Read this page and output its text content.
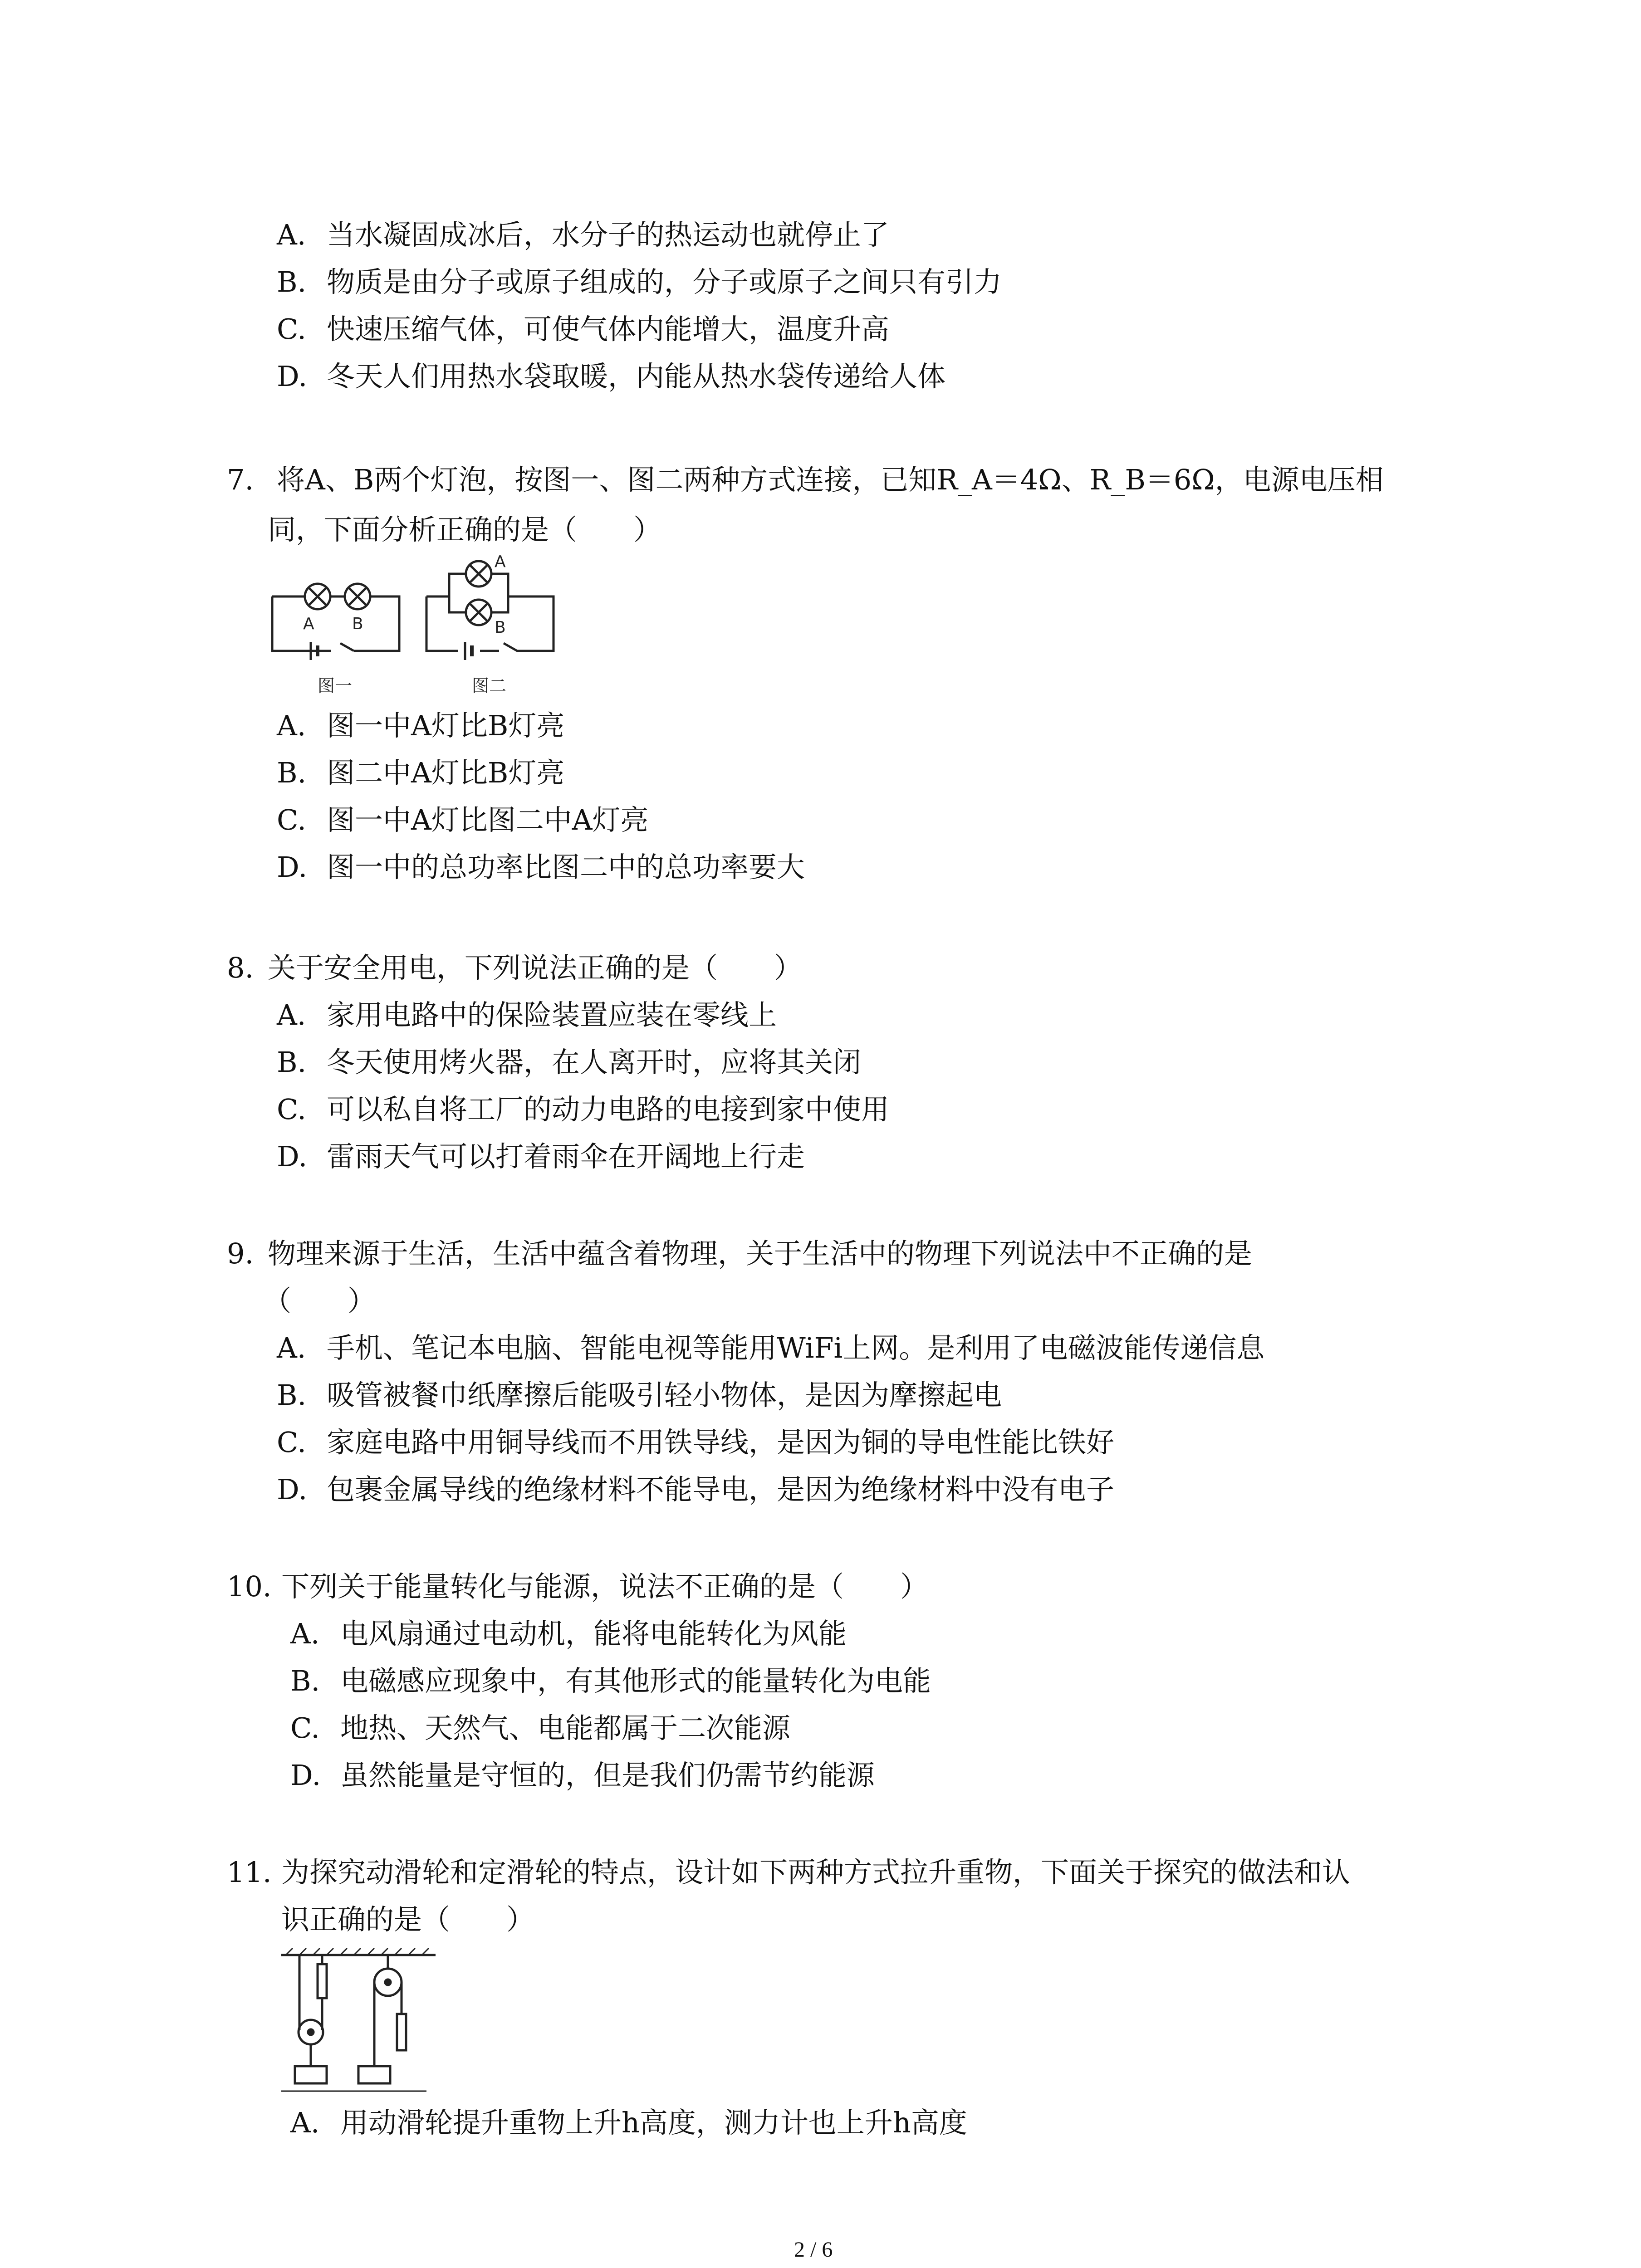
A. 当水凝固成冰后，水分子的热运动也就停止了
B. 物质是由分子或原子组成的，分子或原子之间只有引力
C. 快速压缩气体，可使气体内能增大，温度升高
D. 冬天人们用热水袋取暖，内能从热水袋传递给人体
7. 将A、B两个灯泡，按图一、图二两种方式连接，已知R_A＝4Ω、R_B＝6Ω，电源电压相
同，下面分析正确的是（　　）
A B
A
B
图一	图二
A. 图一中A灯比B灯亮
B. 图二中A灯比B灯亮
C. 图一中A灯比图二中A灯亮
D. 图一中的总功率比图二中的总功率要大
8. 关于安全用电，下列说法正确的是（　　）
A. 家用电路中的保险装置应装在零线上
B. 冬天使用烤火器，在人离开时，应将其关闭
C. 可以私自将工厂的动力电路的电接到家中使用
D. 雷雨天气可以打着雨伞在开阔地上行走
9. 物理来源于生活，生活中蕴含着物理，关于生活中的物理下列说法中不正确的是
（　　）
A. 手机、笔记本电脑、智能电视等能用WiFi上网。是利用了电磁波能传递信息
B. 吸管被餐巾纸摩擦后能吸引轻小物体，是因为摩擦起电
C. 家庭电路中用铜导线而不用铁导线，是因为铜的导电性能比铁好
D. 包裹金属导线的绝缘材料不能导电，是因为绝缘材料中没有电子
10. 下列关于能量转化与能源，说法不正确的是（　　）
A. 电风扇通过电动机，能将电能转化为风能
B. 电磁感应现象中，有其他形式的能量转化为电能
C. 地热、天然气、电能都属于二次能源
D. 虽然能量是守恒的，但是我们仍需节约能源
11. 为探究动滑轮和定滑轮的特点，设计如下两种方式拉升重物，下面关于探究的做法和认
识正确的是（　　）
A. 用动滑轮提升重物上升h高度，测力计也上升h高度
2 / 6
